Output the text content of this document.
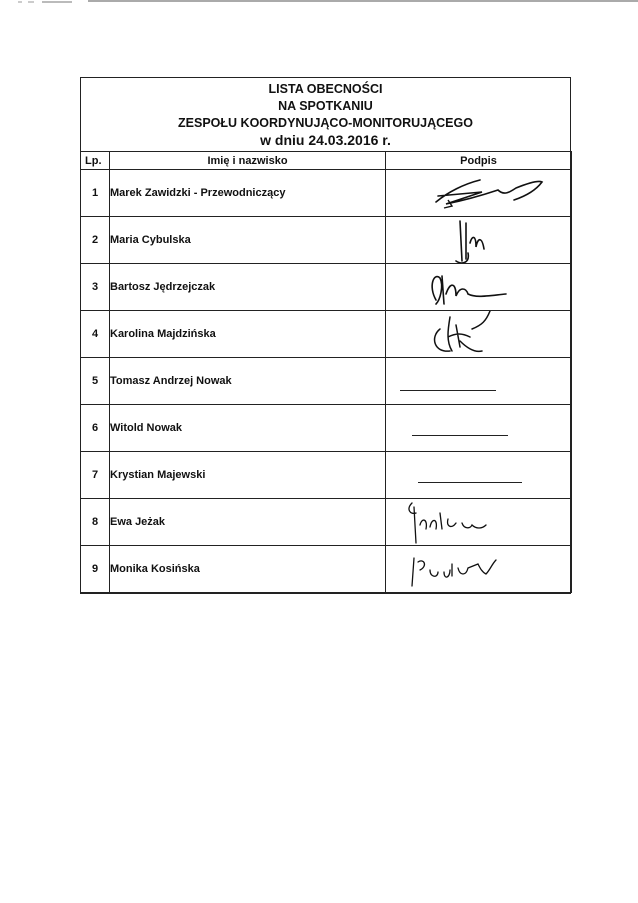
LISTA OBECNOŚCI
NA SPOTKANIU
ZESPOŁU KOORDYNUJĄCO-MONITORUJĄCEGO
w dniu 24.03.2016 r.
Lp.	Imię i nazwisko	Podpis
1	Marek Zawidzki - Przewodniczący	

2	Maria Cybulska	

3	Bartosz Jędrzejczak	

4	Karolina Majdzińska	

5	Tomasz Andrzej Nowak	

6	Witold Nowak	

7	Krystian Majewski	

8	Ewa Jeżak	

9	Monika Kosińska	
